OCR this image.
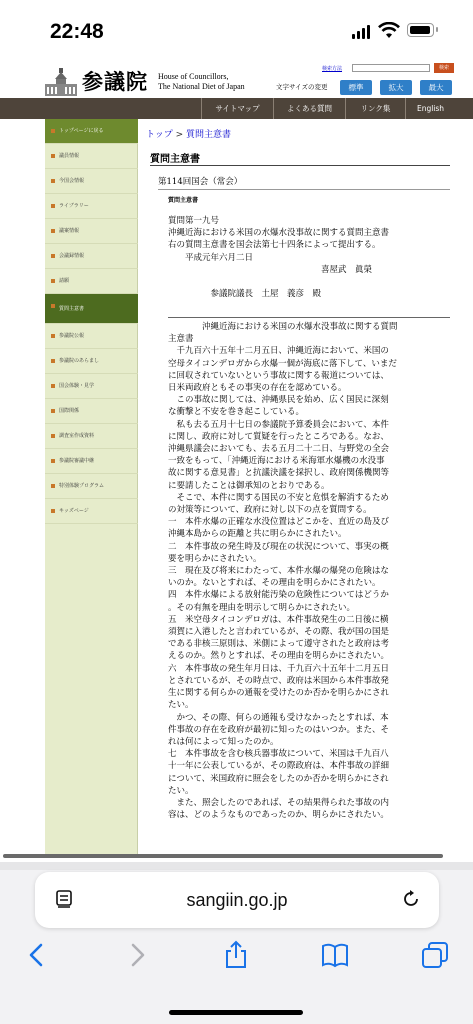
22:48
参議院 House of Councillors,
The National Diet of Japan
検索方法	検索
文字サイズの変更	標準	拡大	最大
サイトマップ	よくある質問	リンク集	English
トップページに戻る
議員情報
今国会情報
ライブラリー
議案情報
会議録情報
請願
質問主意書
参議院公報
参議院のあらまし
国会体験・見学
国際関係
調査室作成資料
参議院審議中継
特別体験プログラム
キッズページ
トップ > 質問主意書
質問主意書
第114回国会（常会）
質問主意書
質問第一九号
沖縄近海における米国の水爆水没事故に関する質問主意書
右の質問主意書を国会法第七十四条によって提出する。
　　平成元年六月二日
　　　　　　　　　　　　　　　　　　喜屋武　眞榮

　　　　　参議院議長　土屋　義彦　殿
　　　　沖縄近海における米国の水爆水没事故に関する質問
主意書
　千九百六十五年十二月五日、沖縄近海において、米国の
空母タイコンデロガから水爆一個が海底に落下して、いまだ
に回収されていないという事故に関する報道については、
日米両政府ともその事実の存在を認めている。
　この事故に関しては、沖縄県民を始め、広く国民に深刻
な衝撃と不安を巻き起こしている。
　私も去る五月十七日の参議院予算委員会において、本件
に関し、政府に対して質疑を行ったところである。なお、
沖縄県議会においても、去る五月二十二日、与野党の全会
一致をもって、「沖縄近海における米海軍水爆機の水没事
故に関する意見書」と抗議決議を採択し、政府関係機関等
に要請したことは御承知のとおりである。
　そこで、本件に関する国民の不安と危惧を解消するため
の対策等について、政府に対し以下の点を質問する。
一　本件水爆の正確な水没位置はどこかを、直近の島及び
沖縄本島からの距離と共に明らかにされたい。
二　本件事故の発生時及び現在の状況について、事実の概
要を明らかにされたい。
三　現在及び将来にわたって、本件水爆の爆発の危険はな
いのか。ないとすれば、その理由を明らかにされたい。
四　本件水爆による放射能汚染の危険性についてはどうか
。その有無を理由を明示して明らかにされたい。
五　米空母タイコンデロガは、本件事故発生の二日後に横
須賀に入港したと言われているが、その際、我が国の国是
である非核三原則は、米側によって遵守されたと政府は考
えるのか。然りとすれば、その理由を明らかにされたい。
六　本件事故の発生年月日は、千九百六十五年十二月五日
とされているが、その時点で、政府は米国から本件事故発
生に関する何らかの通報を受けたのか否かを明らかにされ
たい。
　かつ、その際、何らの通報も受けなかったとすれば、本
件事故の存在を政府が最初に知ったのはいつか。また、そ
れは何によって知ったのか。
七　本件事故を含む核兵器事故について、米国は千九百八
十一年に公表しているが、その際政府は、本件事故の詳細
について、米国政府に照会をしたのか否かを明らかにされ
たい。
　また、照会したのであれば、その結果得られた事故の内
容は、どのようなものであったのか、明らかにされたい。
sangiin.go.jp
